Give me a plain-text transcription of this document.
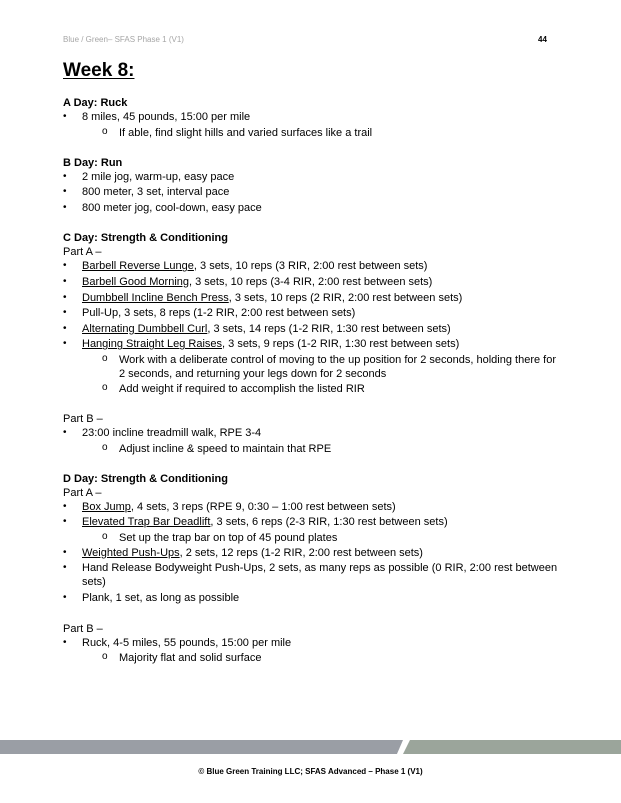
Blue / Green– SFAS Phase 1 (V1)	44
Week 8:
A Day: Ruck
• 8 miles, 45 pounds, 15:00 per mile
o If able, find slight hills and varied surfaces like a trail
B Day: Run
• 2 mile jog, warm-up, easy pace
• 800 meter, 3 set, interval pace
• 800 meter jog, cool-down, easy pace
C Day: Strength & Conditioning
Part A –
• Barbell Reverse Lunge, 3 sets, 10 reps (3 RIR, 2:00 rest between sets)
• Barbell Good Morning, 3 sets, 10 reps (3-4 RIR, 2:00 rest between sets)
• Dumbbell Incline Bench Press, 3 sets, 10 reps (2 RIR, 2:00 rest between sets)
• Pull-Up, 3 sets, 8 reps (1-2 RIR, 2:00 rest between sets)
• Alternating Dumbbell Curl, 3 sets, 14 reps (1-2 RIR, 1:30 rest between sets)
• Hanging Straight Leg Raises, 3 sets, 9 reps (1-2 RIR, 1:30 rest between sets)
o Work with a deliberate control of moving to the up position for 2 seconds, holding there for 2 seconds, and returning your legs down for 2 seconds
o Add weight if required to accomplish the listed RIR
Part B –
• 23:00 incline treadmill walk, RPE 3-4
o Adjust incline & speed to maintain that RPE
D Day: Strength & Conditioning
Part A –
• Box Jump, 4 sets, 3 reps (RPE 9, 0:30 – 1:00 rest between sets)
• Elevated Trap Bar Deadlift, 3 sets, 6 reps (2-3 RIR, 1:30 rest between sets)
o Set up the trap bar on top of 45 pound plates
• Weighted Push-Ups, 2 sets, 12 reps (1-2 RIR, 2:00 rest between sets)
• Hand Release Bodyweight Push-Ups, 2 sets, as many reps as possible (0 RIR, 2:00 rest between sets)
• Plank, 1 set, as long as possible
Part B –
• Ruck, 4-5 miles, 55 pounds, 15:00 per mile
o Majority flat and solid surface
© Blue Green Training LLC; SFAS Advanced – Phase 1 (V1)
